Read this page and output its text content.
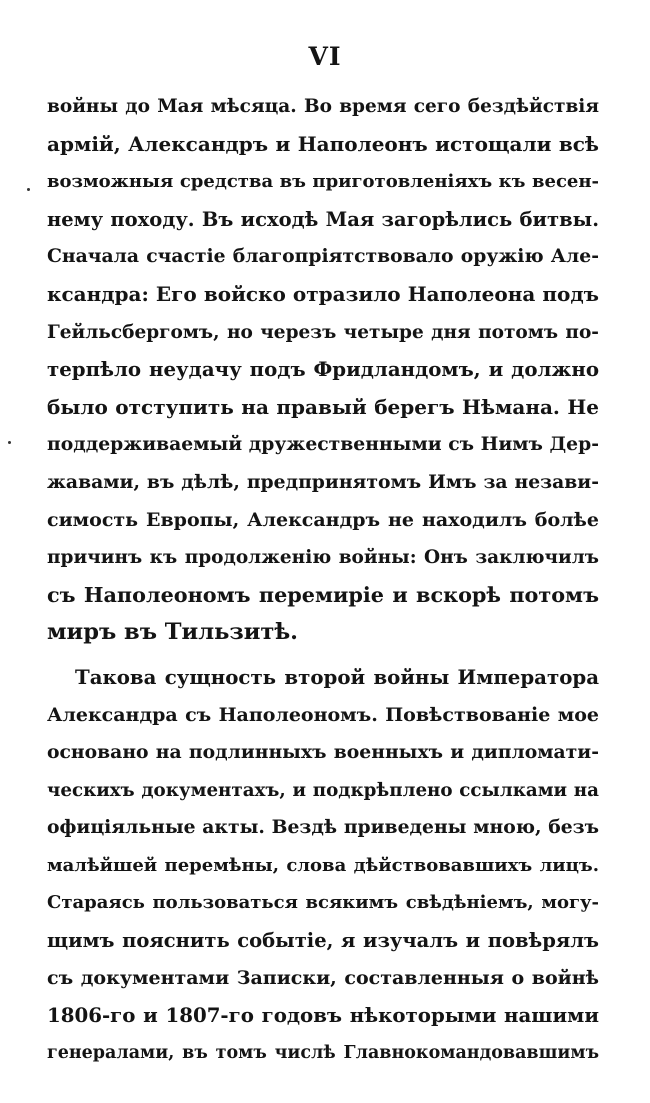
VI
войны до Мая мѣсяца. Во время сего бездѣйствія
армій, Александръ и Наполеонъ истощали всѣ
возможныя средства въ приготовленіяхъ къ весен-
нему походу. Въ исходѣ Мая загорѣлись битвы.
Сначала счастіе благопріятствовало оружію Але-
ксандра: Его войско отразило Наполеона подъ
Гейльсбергомъ, но черезъ четыре дня потомъ по-
терпѣло неудачу подъ Фридландомъ, и должно
было отступить на правый берегъ Нѣмана. Не
поддерживаемый дружественными съ Нимъ Дер-
жавами, въ дѣлѣ, предпринятомъ Имъ за незави-
симость Европы, Александръ не находилъ болѣе
причинъ къ продолженію войны: Онъ заключилъ
съ Наполеономъ перемиріе и вскорѣ потомъ
миръ въ Тильзитѣ.
Такова сущность второй войны Императора
Александра съ Наполеономъ. Повѣствованіе мое
основано на подлинныхъ военныхъ и дипломати-
ческихъ документахъ, и подкрѣплено ссылками на
офиціяльные акты. Вездѣ приведены мною, безъ
малѣйшей перемѣны, слова дѣйствовавшихъ лицъ.
Стараясь пользоваться всякимъ свѣдѣніемъ, могу-
щимъ пояснить событіе, я изучалъ и повѣрялъ
съ документами Записки, составленныя о войнѣ
1806-го и 1807-го годовъ нѣкоторыми нашими
генералами, въ томъ числѣ Главнокомандовавшимъ
